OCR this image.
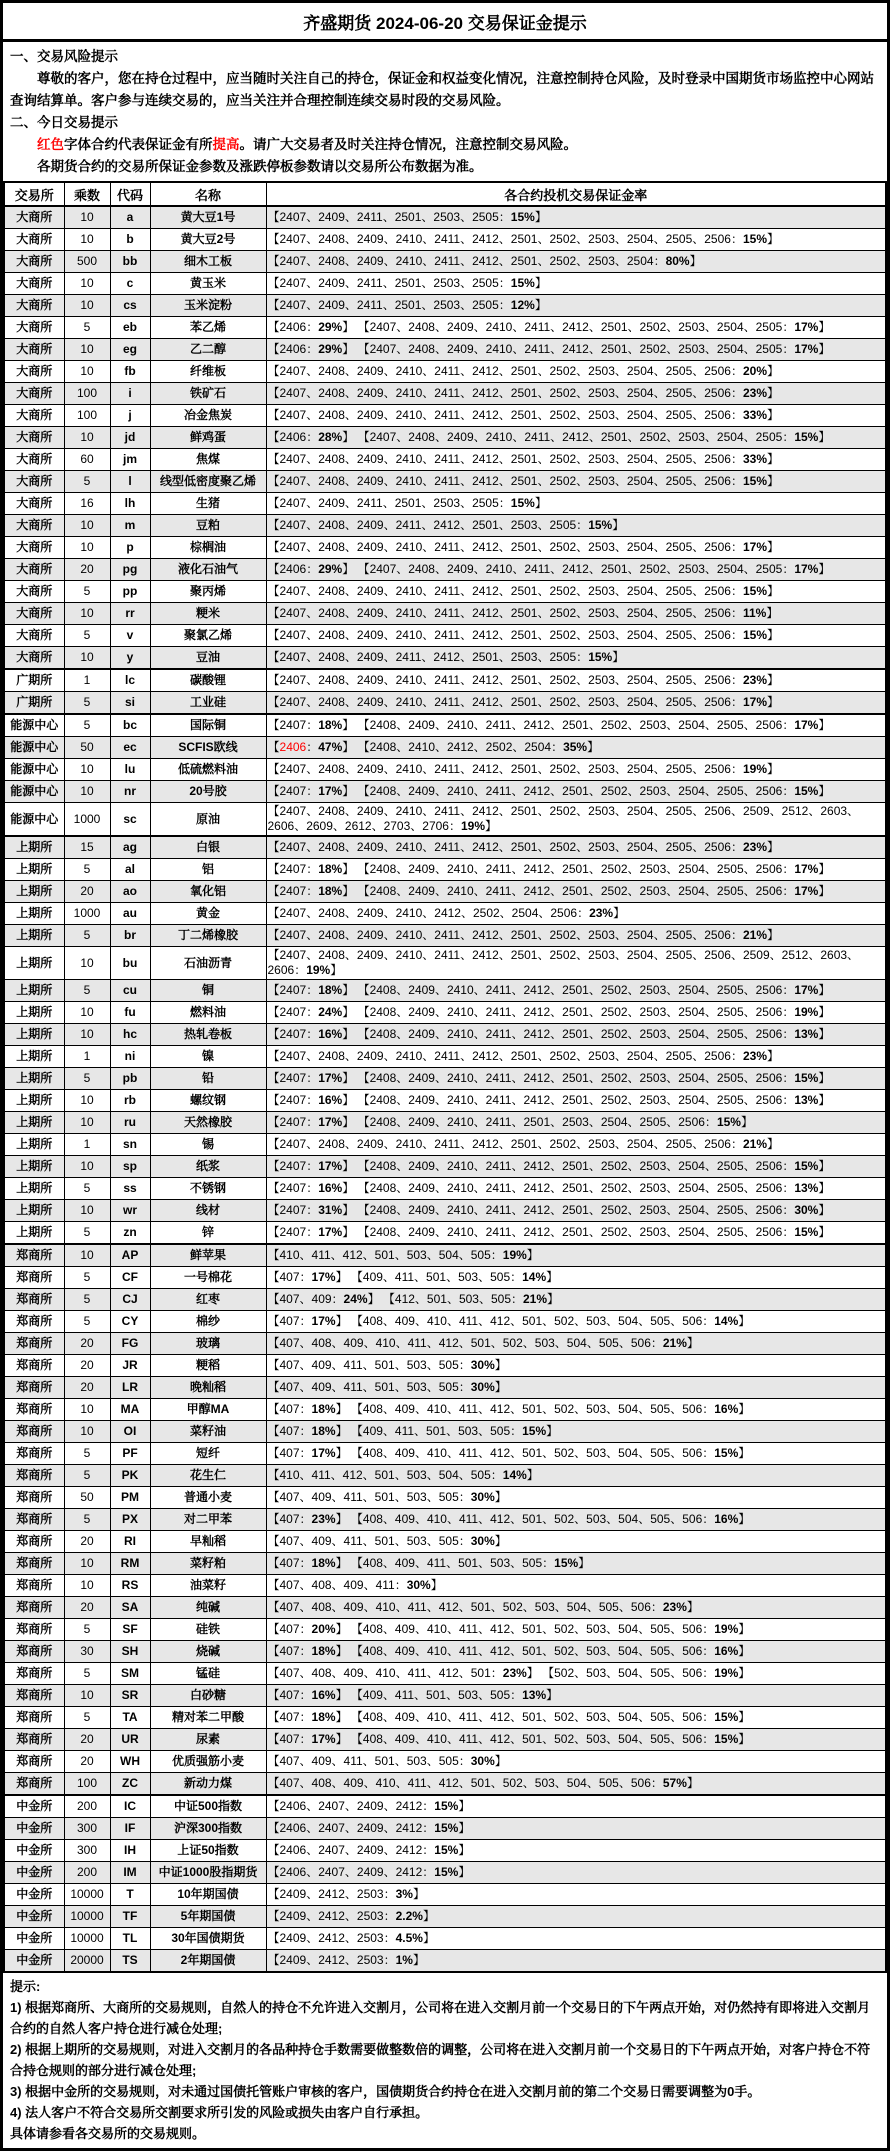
齐盛期货 2024-06-20 交易保证金提示

一、交易风险提示

尊敬的客户，您在持仓过程中，应当随时关注自己的持仓，保证金和权益变化情况，注意控制持仓风险，及时登录中国期货市场监控中心网站查询结算单。客户参与连续交易的，应当关注并合理控制连续交易时段的交易风险。

二、今日交易提示

红色字体合约代表保证金有所提高。请广大交易者及时关注持仓情况，注意控制交易风险。

各期货合约的交易所保证金参数及涨跌停板参数请以交易所公布数据为准。

交易所	乘数	代码	名称	各合约投机交易保证金率
大商所	10	a	黄大豆1号	【2407、2409、2411、2501、2503、2505：15%】
大商所	10	b	黄大豆2号	【2407、2408、2409、2410、2411、2412、2501、2502、2503、2504、2505、2506：15%】
大商所	500	bb	细木工板	【2407、2408、2409、2410、2411、2412、2501、2502、2503、2504：80%】
大商所	10	c	黄玉米	【2407、2409、2411、2501、2503、2505：15%】
大商所	10	cs	玉米淀粉	【2407、2409、2411、2501、2503、2505：12%】
大商所	5	eb	苯乙烯	【2406：29%】 【2407、2408、2409、2410、2411、2412、2501、2502、2503、2504、2505：17%】
大商所	10	eg	乙二醇	【2406：29%】 【2407、2408、2409、2410、2411、2412、2501、2502、2503、2504、2505：17%】
大商所	10	fb	纤维板	【2407、2408、2409、2410、2411、2412、2501、2502、2503、2504、2505、2506：20%】
大商所	100	i	铁矿石	【2407、2408、2409、2410、2411、2412、2501、2502、2503、2504、2505、2506：23%】
大商所	100	j	冶金焦炭	【2407、2408、2409、2410、2411、2412、2501、2502、2503、2504、2505、2506：33%】
大商所	10	jd	鲜鸡蛋	【2406：28%】 【2407、2408、2409、2410、2411、2412、2501、2502、2503、2504、2505：15%】
大商所	60	jm	焦煤	【2407、2408、2409、2410、2411、2412、2501、2502、2503、2504、2505、2506：33%】
大商所	5	l	线型低密度聚乙烯	【2407、2408、2409、2410、2411、2412、2501、2502、2503、2504、2505、2506：15%】
大商所	16	lh	生猪	【2407、2409、2411、2501、2503、2505：15%】
大商所	10	m	豆粕	【2407、2408、2409、2411、2412、2501、2503、2505：15%】
大商所	10	p	棕榈油	【2407、2408、2409、2410、2411、2412、2501、2502、2503、2504、2505、2506：17%】
大商所	20	pg	液化石油气	【2406：29%】 【2407、2408、2409、2410、2411、2412、2501、2502、2503、2504、2505：17%】
大商所	5	pp	聚丙烯	【2407、2408、2409、2410、2411、2412、2501、2502、2503、2504、2505、2506：15%】
大商所	10	rr	粳米	【2407、2408、2409、2410、2411、2412、2501、2502、2503、2504、2505、2506：11%】
大商所	5	v	聚氯乙烯	【2407、2408、2409、2410、2411、2412、2501、2502、2503、2504、2505、2506：15%】
大商所	10	y	豆油	【2407、2408、2409、2411、2412、2501、2503、2505：15%】
广期所	1	lc	碳酸锂	【2407、2408、2409、2410、2411、2412、2501、2502、2503、2504、2505、2506：23%】
广期所	5	si	工业硅	【2407、2408、2409、2410、2411、2412、2501、2502、2503、2504、2505、2506：17%】
能源中心	5	bc	国际铜	【2407：18%】 【2408、2409、2410、2411、2412、2501、2502、2503、2504、2505、2506：17%】
能源中心	50	ec	SCFIS欧线	【2406：47%】 【2408、2410、2412、2502、2504：35%】
能源中心	10	lu	低硫燃料油	【2407、2408、2409、2410、2411、2412、2501、2502、2503、2504、2505、2506：19%】
能源中心	10	nr	20号胶	【2407：17%】 【2408、2409、2410、2411、2412、2501、2502、2503、2504、2505、2506：15%】
能源中心	1000	sc	原油	【2407、2408、2409、2410、2411、2412、2501、2502、2503、2504、2505、2506、2509、2512、2603、2606、2609、2612、2703、2706：19%】
上期所	15	ag	白银	【2407、2408、2409、2410、2411、2412、2501、2502、2503、2504、2505、2506：23%】
上期所	5	al	铝	【2407：18%】 【2408、2409、2410、2411、2412、2501、2502、2503、2504、2505、2506：17%】
上期所	20	ao	氧化铝	【2407：18%】 【2408、2409、2410、2411、2412、2501、2502、2503、2504、2505、2506：17%】
上期所	1000	au	黄金	【2407、2408、2409、2410、2412、2502、2504、2506：23%】
上期所	5	br	丁二烯橡胶	【2407、2408、2409、2410、2411、2412、2501、2502、2503、2504、2505、2506：21%】
上期所	10	bu	石油沥青	【2407、2408、2409、2410、2411、2412、2501、2502、2503、2504、2505、2506、2509、2512、2603、2606：19%】
上期所	5	cu	铜	【2407：18%】 【2408、2409、2410、2411、2412、2501、2502、2503、2504、2505、2506：17%】
上期所	10	fu	燃料油	【2407：24%】 【2408、2409、2410、2411、2412、2501、2502、2503、2504、2505、2506：19%】
上期所	10	hc	热轧卷板	【2407：16%】 【2408、2409、2410、2411、2412、2501、2502、2503、2504、2505、2506：13%】
上期所	1	ni	镍	【2407、2408、2409、2410、2411、2412、2501、2502、2503、2504、2505、2506：23%】
上期所	5	pb	铅	【2407：17%】 【2408、2409、2410、2411、2412、2501、2502、2503、2504、2505、2506：15%】
上期所	10	rb	螺纹钢	【2407：16%】 【2408、2409、2410、2411、2412、2501、2502、2503、2504、2505、2506：13%】
上期所	10	ru	天然橡胶	【2407：17%】 【2408、2409、2410、2411、2501、2503、2504、2505、2506：15%】
上期所	1	sn	锡	【2407、2408、2409、2410、2411、2412、2501、2502、2503、2504、2505、2506：21%】
上期所	10	sp	纸浆	【2407：17%】 【2408、2409、2410、2411、2412、2501、2502、2503、2504、2505、2506：15%】
上期所	5	ss	不锈钢	【2407：16%】 【2408、2409、2410、2411、2412、2501、2502、2503、2504、2505、2506：13%】
上期所	10	wr	线材	【2407：31%】 【2408、2409、2410、2411、2412、2501、2502、2503、2504、2505、2506：30%】
上期所	5	zn	锌	【2407：17%】 【2408、2409、2410、2411、2412、2501、2502、2503、2504、2505、2506：15%】
郑商所	10	AP	鲜苹果	【410、411、412、501、503、504、505：19%】
郑商所	5	CF	一号棉花	【407：17%】 【409、411、501、503、505：14%】
郑商所	5	CJ	红枣	【407、409：24%】 【412、501、503、505：21%】
郑商所	5	CY	棉纱	【407：17%】 【408、409、410、411、412、501、502、503、504、505、506：14%】
郑商所	20	FG	玻璃	【407、408、409、410、411、412、501、502、503、504、505、506：21%】
郑商所	20	JR	粳稻	【407、409、411、501、503、505：30%】
郑商所	20	LR	晚籼稻	【407、409、411、501、503、505：30%】
郑商所	10	MA	甲醇MA	【407：18%】 【408、409、410、411、412、501、502、503、504、505、506：16%】
郑商所	10	OI	菜籽油	【407：18%】 【409、411、501、503、505：15%】
郑商所	5	PF	短纤	【407：17%】 【408、409、410、411、412、501、502、503、504、505、506：15%】
郑商所	5	PK	花生仁	【410、411、412、501、503、504、505：14%】
郑商所	50	PM	普通小麦	【407、409、411、501、503、505：30%】
郑商所	5	PX	对二甲苯	【407：23%】 【408、409、410、411、412、501、502、503、504、505、506：16%】
郑商所	20	RI	早籼稻	【407、409、411、501、503、505：30%】
郑商所	10	RM	菜籽粕	【407：18%】 【408、409、411、501、503、505：15%】
郑商所	10	RS	油菜籽	【407、408、409、411：30%】
郑商所	20	SA	纯碱	【407、408、409、410、411、412、501、502、503、504、505、506：23%】
郑商所	5	SF	硅铁	【407：20%】 【408、409、410、411、412、501、502、503、504、505、506：19%】
郑商所	30	SH	烧碱	【407：18%】 【408、409、410、411、412、501、502、503、504、505、506：16%】
郑商所	5	SM	锰硅	【407、408、409、410、411、412、501：23%】 【502、503、504、505、506：19%】
郑商所	10	SR	白砂糖	【407：16%】 【409、411、501、503、505：13%】
郑商所	5	TA	精对苯二甲酸	【407：18%】 【408、409、410、411、412、501、502、503、504、505、506：15%】
郑商所	20	UR	尿素	【407：17%】 【408、409、410、411、412、501、502、503、504、505、506：15%】
郑商所	20	WH	优质强筋小麦	【407、409、411、501、503、505：30%】
郑商所	100	ZC	新动力煤	【407、408、409、410、411、412、501、502、503、504、505、506：57%】
中金所	200	IC	中证500指数	【2406、2407、2409、2412：15%】
中金所	300	IF	沪深300指数	【2406、2407、2409、2412：15%】
中金所	300	IH	上证50指数	【2406、2407、2409、2412：15%】
中金所	200	IM	中证1000股指期货	【2406、2407、2409、2412：15%】
中金所	10000	T	10年期国债	【2409、2412、2503：3%】
中金所	10000	TF	5年期国债	【2409、2412、2503：2.2%】
中金所	10000	TL	30年国债期货	【2409、2412、2503：4.5%】
中金所	20000	TS	2年期国债	【2409、2412、2503：1%】

提示:

1) 根据郑商所、大商所的交易规则，自然人的持仓不允许进入交割月，公司将在进入交割月前一个交易日的下午两点开始，对仍然持有即将进入交割月合约的自然人客户持仓进行减仓处理;

2) 根据上期所的交易规则，对进入交割月的各品种持仓手数需要做整数倍的调整，公司将在进入交割月前一个交易日的下午两点开始，对客户持仓不符合持仓规则的部分进行减仓处理;

3) 根据中金所的交易规则，对未通过国债托管账户审核的客户，国债期货合约持仓在进入交割月前的第二个交易日需要调整为0手。

4) 法人客户不符合交易所交割要求所引发的风险或损失由客户自行承担。

具体请参看各交易所的交易规则。
